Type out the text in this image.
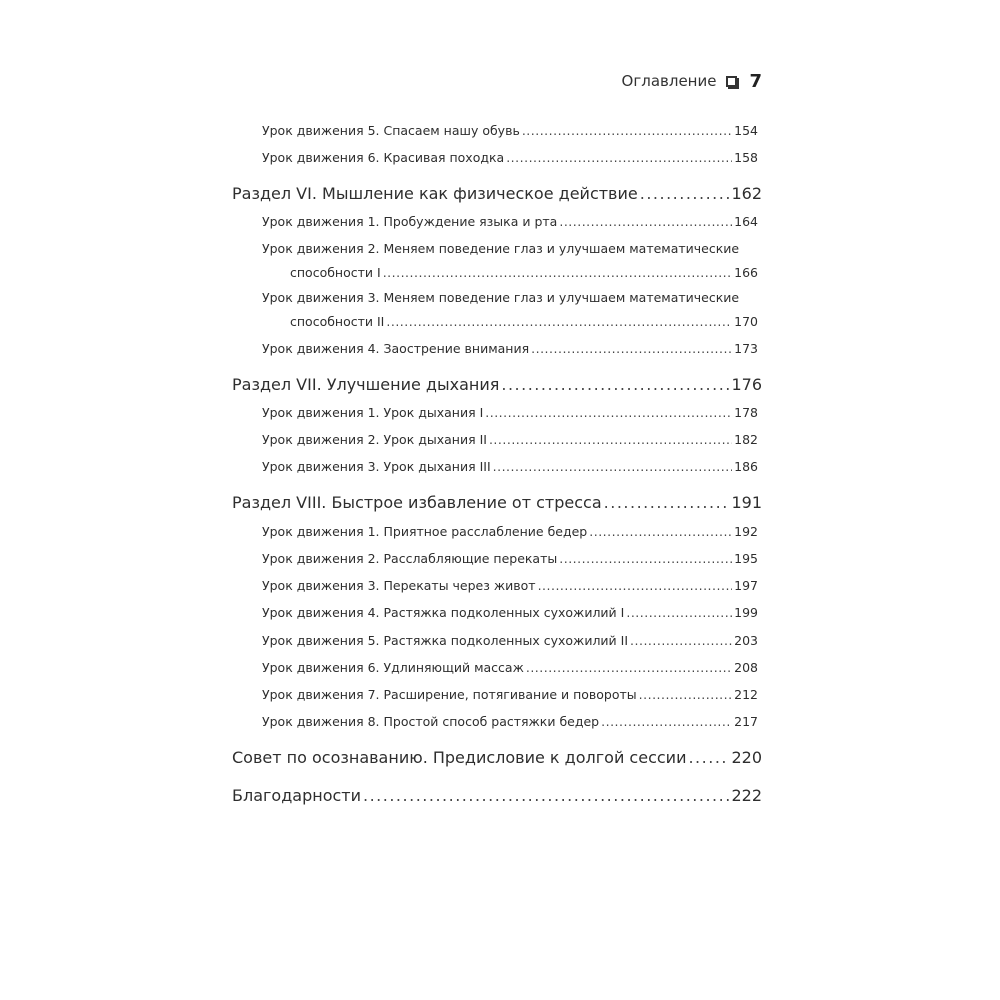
Оглавление 7
Урок движения 5. Спасаем нашу обувь .....	154
Урок движения 6. Красивая походка .....	158
Раздел VI. Мышление как физическое действие .....	162
Урок движения 1. Пробуждение языка и рта .....	164
Урок движения 2. Меняем поведение глаз и улучшаем математические
способности I .....	166
Урок движения 3. Меняем поведение глаз и улучшаем математические
способности II .....	170
Урок движения 4. Заострение внимания .....	173
Раздел VII. Улучшение дыхания .....	176
Урок движения 1. Урок дыхания I .....	178
Урок движения 2. Урок дыхания II .....	182
Урок движения 3. Урок дыхания III .....	186
Раздел VIII. Быстрое избавление от стресса .....	191
Урок движения 1. Приятное расслабление бедер .....	192
Урок движения 2. Расслабляющие перекаты .....	195
Урок движения 3. Перекаты через живот .....	197
Урок движения 4. Растяжка подколенных сухожилий I .....	199
Урок движения 5. Растяжка подколенных сухожилий II .....	203
Урок движения 6. Удлиняющий массаж .....	208
Урок движения 7. Расширение, потягивание и повороты .....	212
Урок движения 8. Простой способ растяжки бедер .....	217
Совет по осознаванию. Предисловие к долгой сессии .....	220
Благодарности .....	222
